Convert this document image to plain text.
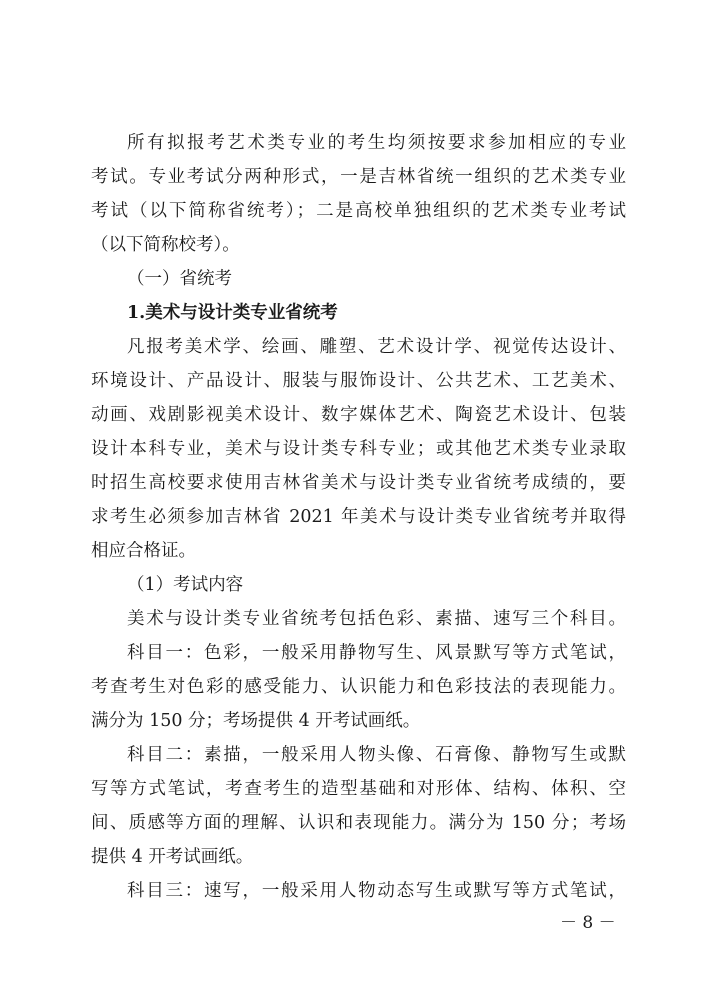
所有拟报考艺术类专业的考生均须按要求参加相应的专业
考试。专业考试分两种形式，一是吉林省统一组织的艺术类专业
考试（以下简称省统考）；二是高校单独组织的艺术类专业考试
（以下简称校考）。
（一）省统考
1.美术与设计类专业省统考
凡报考美术学、绘画、雕塑、艺术设计学、视觉传达设计、
环境设计、产品设计、服装与服饰设计、公共艺术、工艺美术、
动画、戏剧影视美术设计、数字媒体艺术、陶瓷艺术设计、包装
设计本科专业，美术与设计类专科专业；或其他艺术类专业录取
时招生高校要求使用吉林省美术与设计类专业省统考成绩的，要
求考生必须参加吉林省 2021 年美术与设计类专业省统考并取得
相应合格证。
（1）考试内容
美术与设计类专业省统考包括色彩、素描、速写三个科目。
科目一：色彩，一般采用静物写生、风景默写等方式笔试，
考查考生对色彩的感受能力、认识能力和色彩技法的表现能力。
满分为 150 分；考场提供 4 开考试画纸。
科目二：素描，一般采用人物头像、石膏像、静物写生或默
写等方式笔试，考查考生的造型基础和对形体、结构、体积、空
间、质感等方面的理解、认识和表现能力。满分为 150 分；考场
提供 4 开考试画纸。
科目三：速写，一般采用人物动态写生或默写等方式笔试，
－ 8 －
